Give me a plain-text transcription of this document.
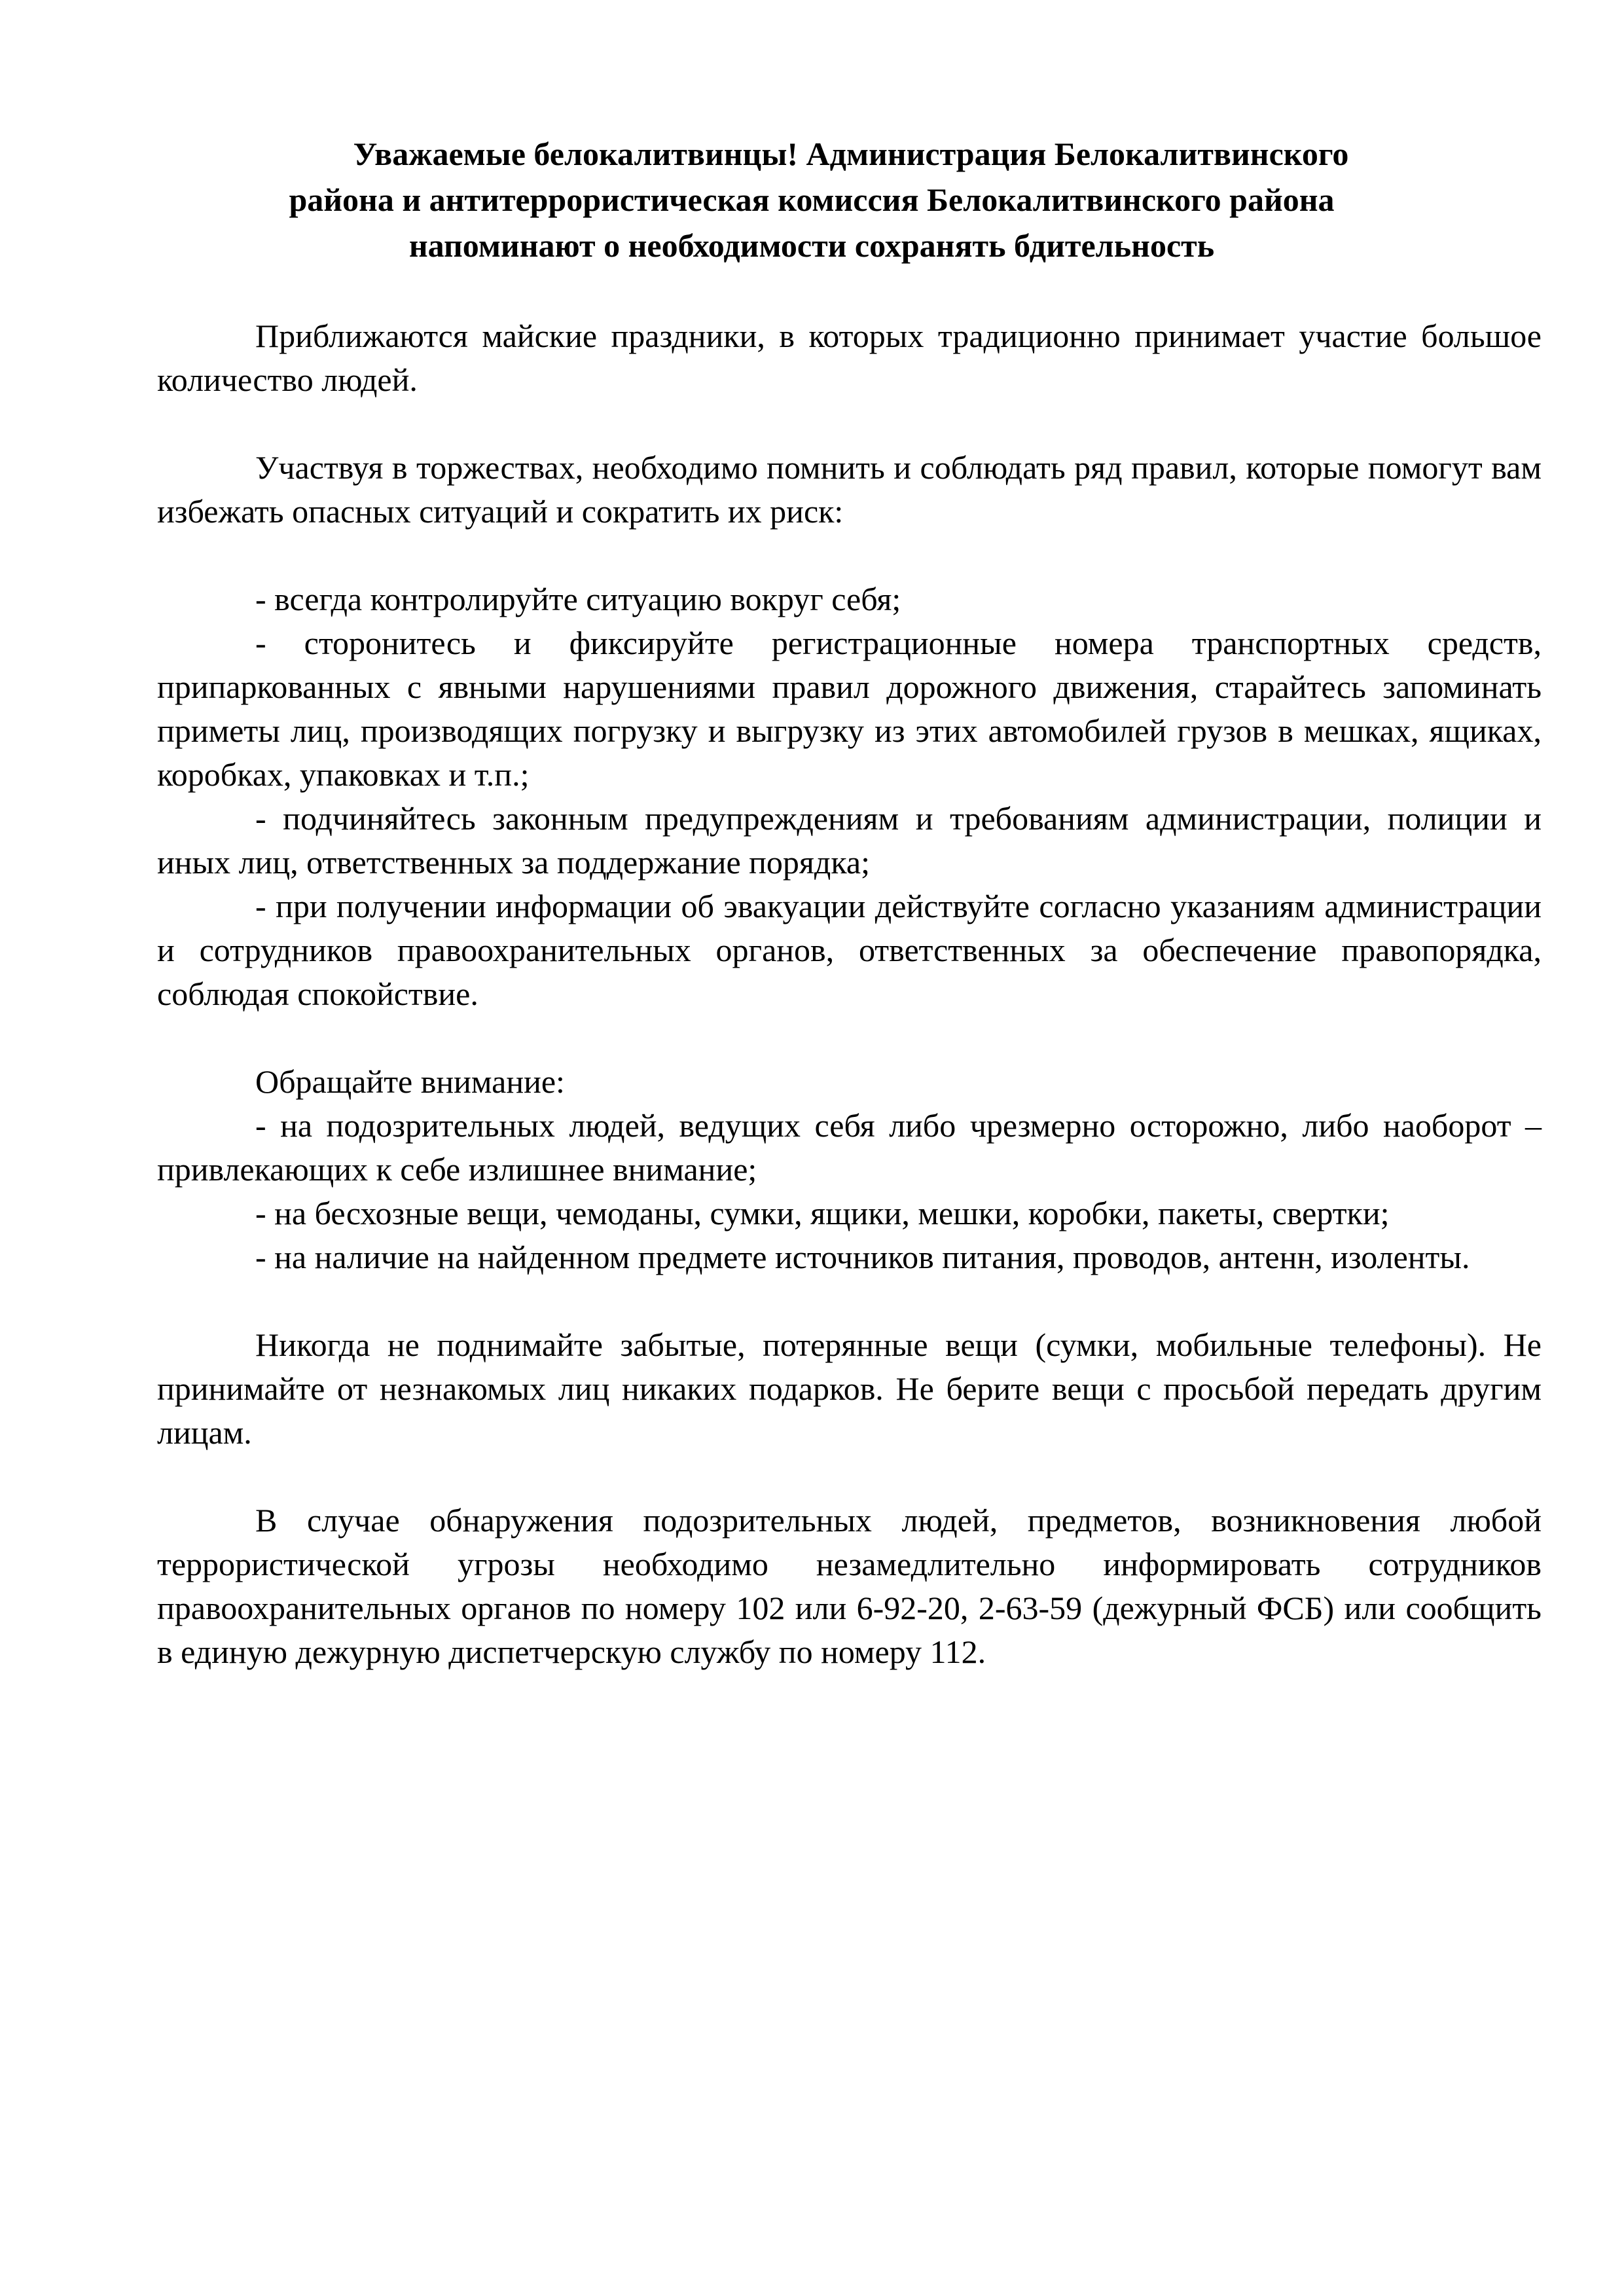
Уважаемые белокалитвинцы! Администрация Белокалитвинского
района и антитеррористическая комиссия Белокалитвинского района
напоминают о необходимости сохранять бдительность

Приближаются майские праздники, в которых традиционно принимает участие большое количество людей.

Участвуя в торжествах, необходимо помнить и соблюдать ряд правил, которые помогут вам избежать опасных ситуаций и сократить их риск:

- всегда контролируйте ситуацию вокруг себя;
- сторонитесь и фиксируйте регистрационные номера транспортных средств, припаркованных с явными нарушениями правил дорожного движения, старайтесь запоминать приметы лиц, производящих погрузку и выгрузку из этих автомобилей грузов в мешках, ящиках, коробках, упаковках и т.п.;
- подчиняйтесь законным предупреждениям и требованиям администрации, полиции и иных лиц, ответственных за поддержание порядка;
- при получении информации об эвакуации действуйте согласно указаниям администрации и сотрудников правоохранительных органов, ответственных за обеспечение правопорядка, соблюдая спокойствие.

Обращайте внимание:

- на подозрительных людей, ведущих себя либо чрезмерно осторожно, либо наоборот – привлекающих к себе излишнее внимание;
- на бесхозные вещи, чемоданы, сумки, ящики, мешки, коробки, пакеты, свертки;
- на наличие на найденном предмете источников питания, проводов, антенн, изоленты.

Никогда не поднимайте забытые, потерянные вещи (сумки, мобильные телефоны). Не принимайте от незнакомых лиц никаких подарков. Не берите вещи с просьбой передать другим лицам.

В случае обнаружения подозрительных людей, предметов, возникновения любой террористической угрозы необходимо незамедлительно информировать сотрудников правоохранительных органов по номеру 102 или 6-92-20, 2-63-59 (дежурный ФСБ) или сообщить в единую дежурную диспетчерскую службу по номеру 112.
